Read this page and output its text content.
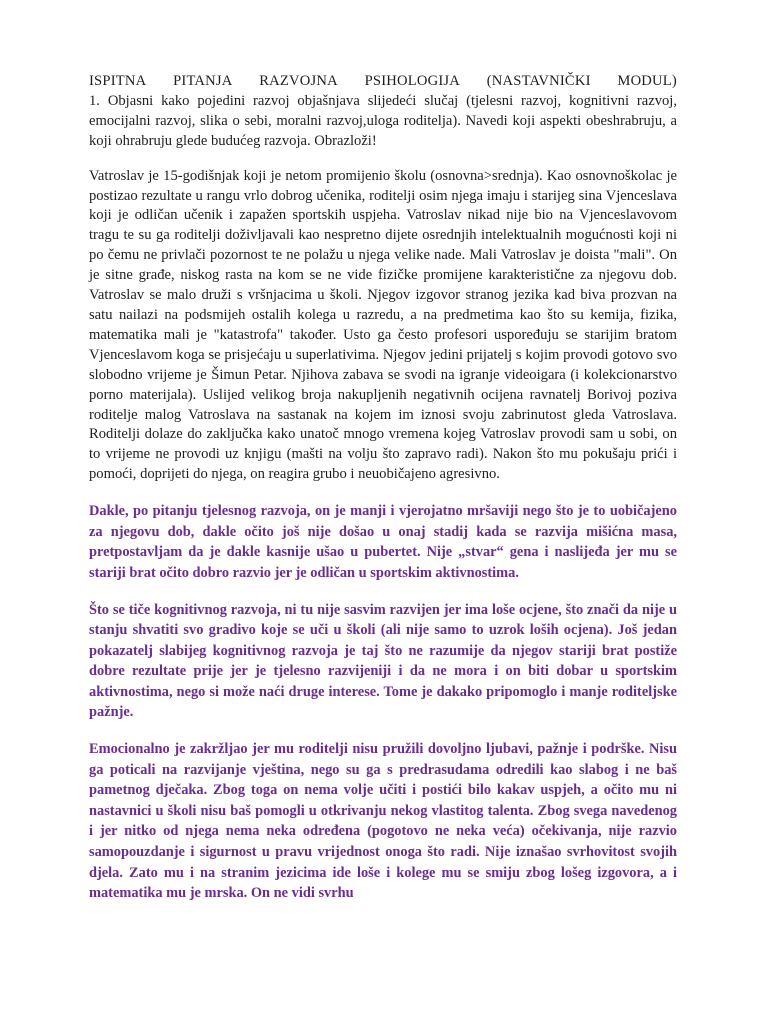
ISPITNA PITANJA RAZVOJNA PSIHOLOGIJA (NASTAVNIČKI MODUL)

1. Objasni kako pojedini razvoj objašnjava slijedeći slučaj (tjelesni razvoj, kognitivni razvoj, emocijalni razvoj, slika o sebi, moralni razvoj,uloga roditelja). Navedi koji aspekti obeshrabruju, a koji ohrabruju glede budućeg razvoja. Obrazloži!

Vatroslav je 15-godišnjak koji je netom promijenio školu (osnovna>srednja). Kao osnovnoškolac je postizao rezultate u rangu vrlo dobrog učenika, roditelji osim njega imaju i starijeg sina Vjenceslava koji je odličan učenik i zapažen sportskih uspjeha. Vatroslav nikad nije bio na Vjenceslavovom tragu te su ga roditelji doživljavali kao nespretno dijete osrednjih intelektualnih mogućnosti koji ni po čemu ne privlači pozornost te ne polažu u njega velike nade. Mali Vatroslav je doista "mali". On je sitne građe, niskog rasta na kom se ne vide fizičke promijene karakteristične za njegovu dob. Vatroslav se malo druži s vršnjacima u školi. Njegov izgovor stranog jezika kad biva prozvan na satu nailazi na podsmijeh ostalih kolega u razredu, a na predmetima kao što su kemija, fizika, matematika mali je "katastrofa" također. Usto ga često profesori uspoređuju se starijim bratom Vjenceslavom koga se prisjećaju u superlativima. Njegov jedini prijatelj s kojim provodi gotovo svo slobodno vrijeme je Šimun Petar. Njihova zabava se svodi na igranje videoigara (i kolekcionarstvo porno materijala). Uslijed velikog broja nakupljenih negativnih ocijena ravnatelj Borivoj poziva roditelje malog Vatroslava na sastanak na kojem im iznosi svoju zabrinutost gleda Vatroslava. Roditelji dolaze do zaključka kako unatoč mnogo vremena kojeg Vatroslav provodi sam u sobi, on to vrijeme ne provodi uz knjigu (mašti na volju što zapravo radi). Nakon što mu pokušaju prići i pomoći, doprijeti do njega, on reagira grubo i neuobičajeno agresivno.

Dakle, po pitanju tjelesnog razvoja, on je manji i vjerojatno mršaviji nego što je to uobičajeno za njegovu dob, dakle očito još nije došao u onaj stadij kada se razvija mišićna masa, pretpostavljam da je dakle kasnije ušao u pubertet. Nije „stvar“ gena i naslijeđa jer mu se stariji brat očito dobro razvio jer je odličan u sportskim aktivnostima.

Što se tiče kognitivnog razvoja, ni tu nije sasvim razvijen jer ima loše ocjene, što znači da nije u stanju shvatiti svo gradivo koje se uči u školi (ali nije samo to uzrok loših ocjena). Još jedan pokazatelj slabijeg kognitivnog razvoja je taj što ne razumije da njegov stariji brat postiže dobre rezultate prije jer je tjelesno razvijeniji i da ne mora i on biti dobar u sportskim aktivnostima, nego si može naći druge interese. Tome je dakako pripomoglo i manje roditeljske pažnje.

Emocionalno je zakržljao jer mu roditelji nisu pružili dovoljno ljubavi, pažnje i podrške. Nisu ga poticali na razvijanje vještina, nego su ga s predrasudama odredili kao slabog i ne baš pametnog dječaka. Zbog toga on nema volje učiti i postići bilo kakav uspjeh, a očito mu ni nastavnici u školi nisu baš pomogli u otkrivanju nekog vlastitog talenta. Zbog svega navedenog i jer nitko od njega nema neka određena (pogotovo ne neka veća) očekivanja, nije razvio samopouzdanje i sigurnost u pravu vrijednost onoga što radi. Nije iznašao svrhovitost svojih djela. Zato mu i na stranim jezicima ide loše i kolege mu se smiju zbog lošeg izgovora, a i matematika mu je mrska. On ne vidi svrhu
